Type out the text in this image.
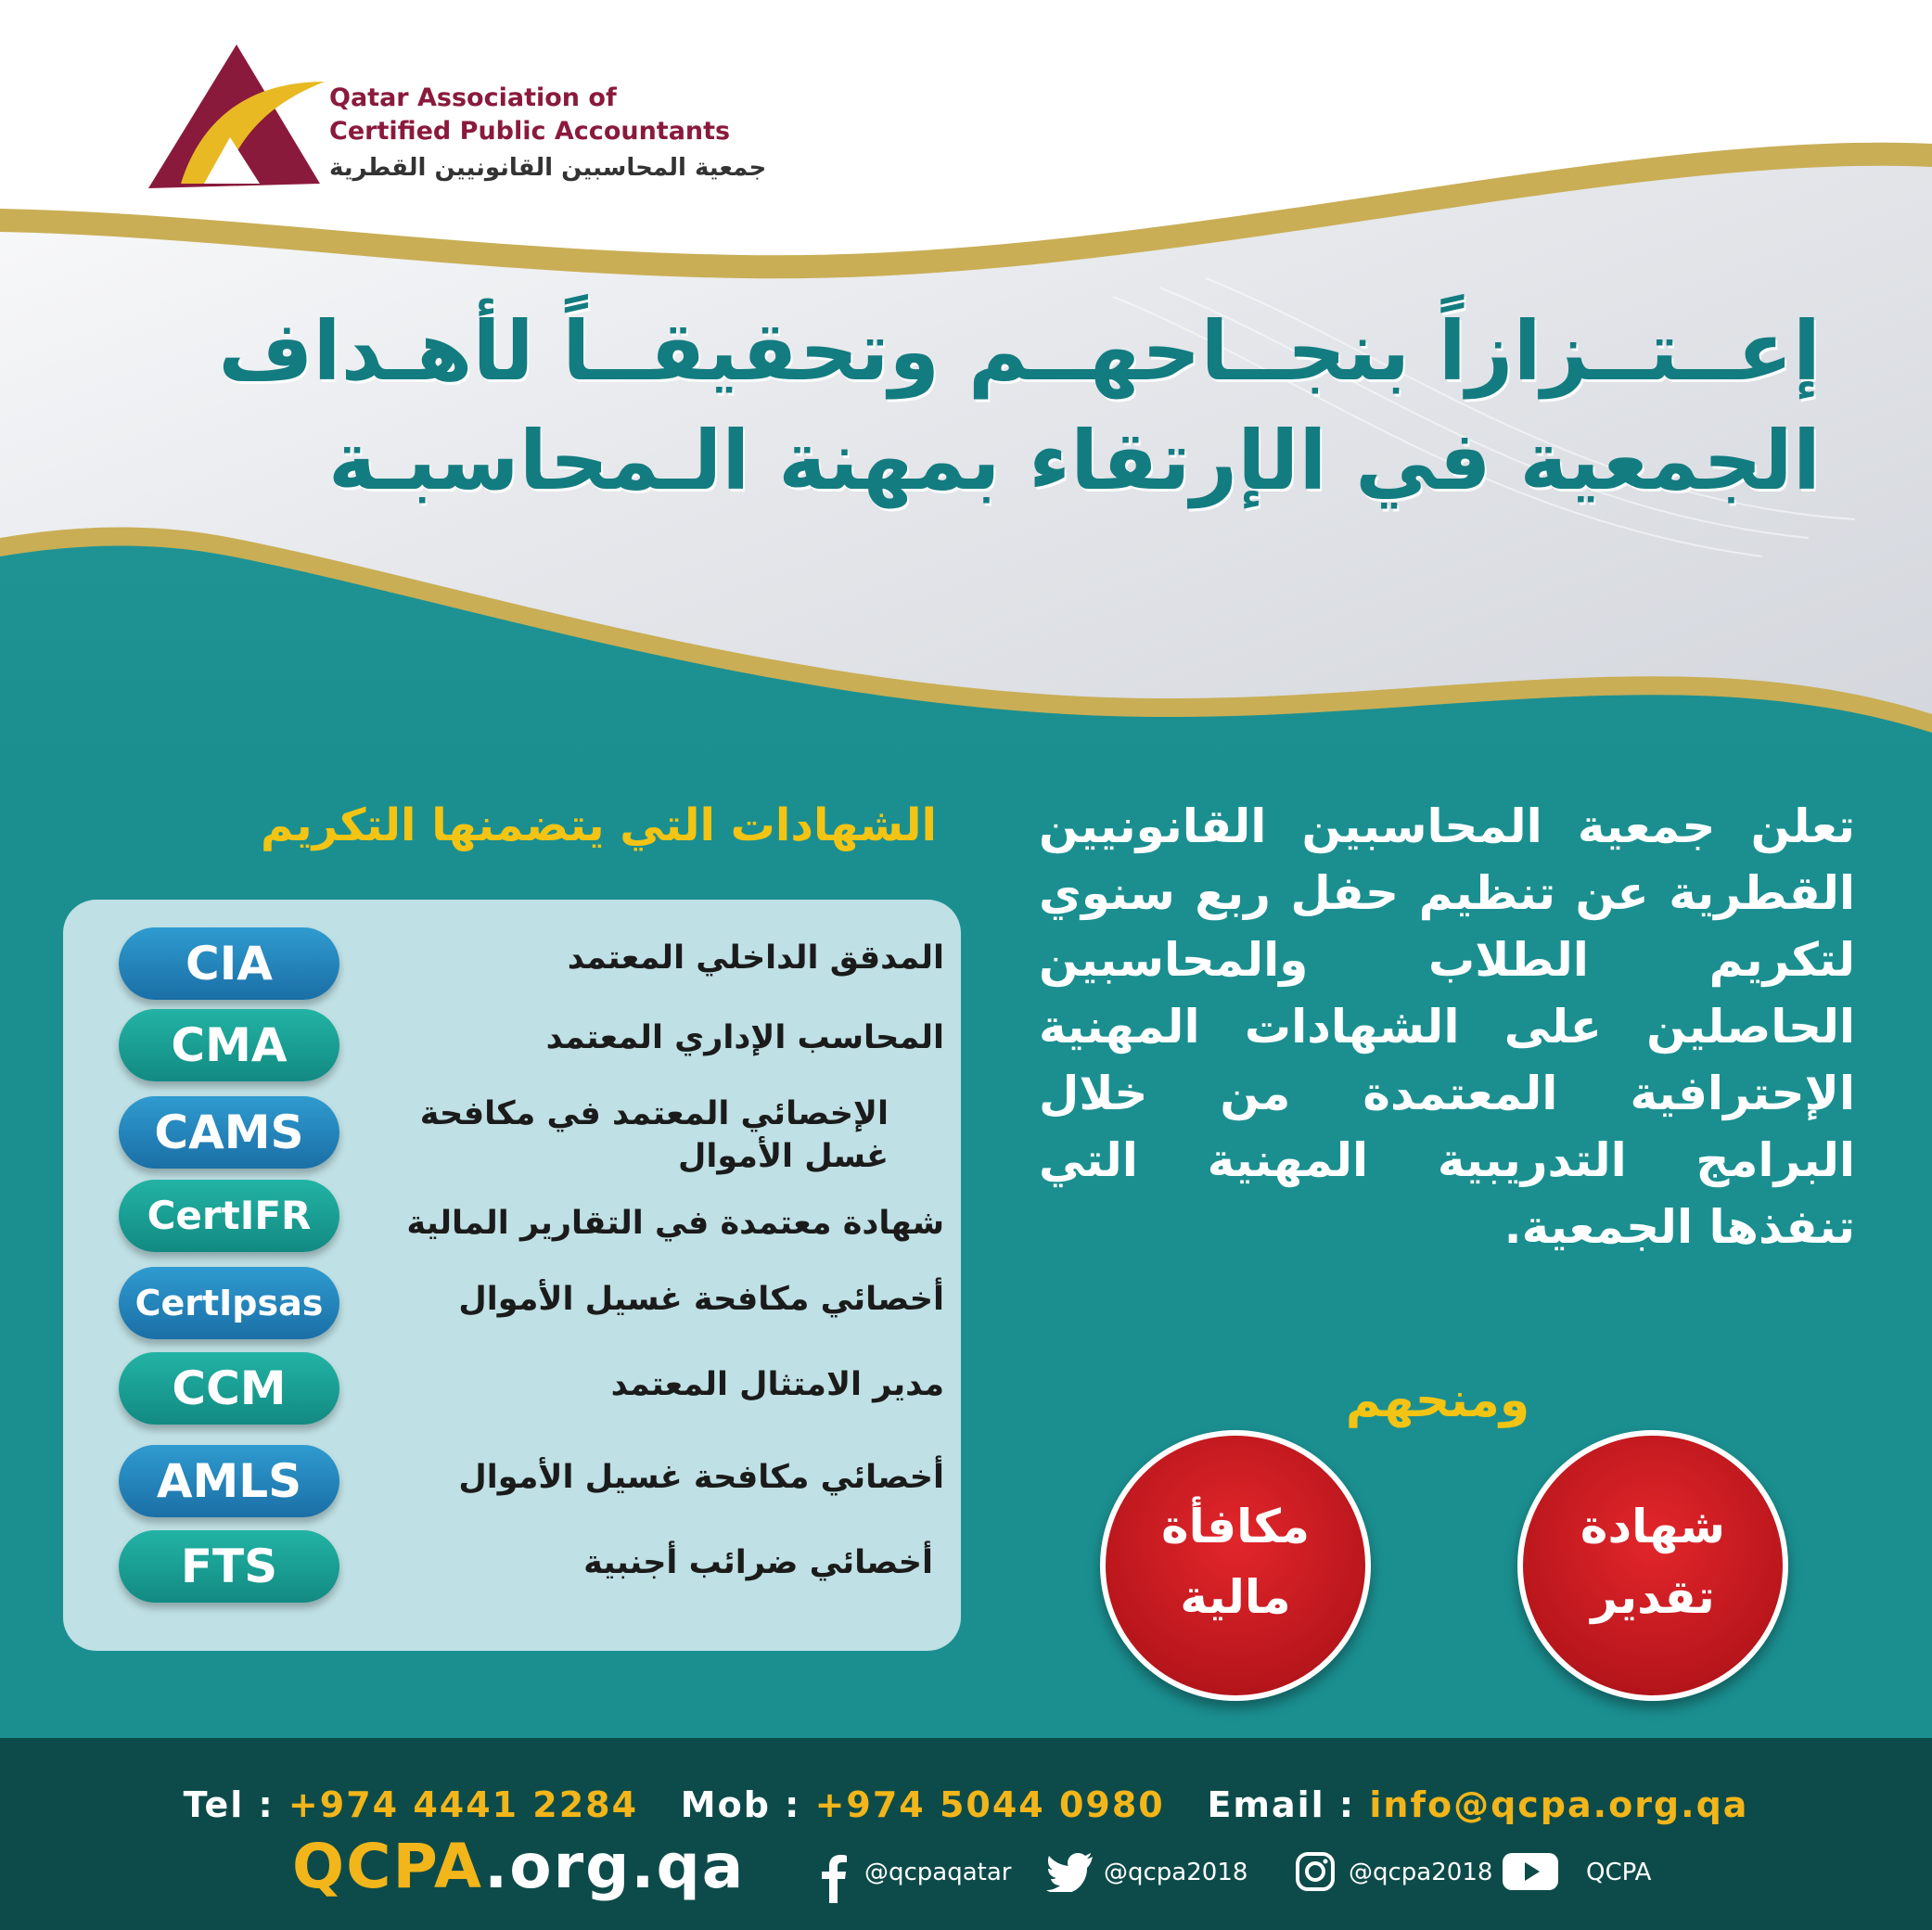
Qatar Association of
Certified Public Accountants
جمعية المحاسبين القانونيين القطرية
إعــتــزازاً بنجــاحهــم وتحقيقــاً لأهـداف
الجمعية في الإرتقاء بمهنة الـمحاسبـة
الشهادات التي يتضمنها التكريم
CIA	المدقق الداخلي المعتمد
CMA	المحاسب الإداري المعتمد
CAMS	الإخصائي المعتمد في مكافحة غسل الأموال
CertIFR	شهادة معتمدة في التقارير المالية
CertIpsas	أخصائي مكافحة غسيل الأموال
CCM	مدير الامتثال المعتمد
AMLS	أخصائي مكافحة غسيل الأموال
FTS	أخصائي ضرائب أجنبية
تعلن جمعية المحاسبين القانونيين القطرية عن تنظيم حفل ربع سنوي لتكريم الطلاب والمحاسبين الحاصلين على الشهادات المهنية الإحترافية المعتمدة من خلال البرامج التدريبية المهنية التي تنفذها الجمعية.
ومنحهم
شهادة
تقدير
مكافأة
مالية
Tel : +974 4441 2284 Mob : +974 5044 0980 Email : info@qcpa.org.qa
QCPA.org.qa	@qcpaqatar	@qcpa2018	@qcpa2018	QCPA
